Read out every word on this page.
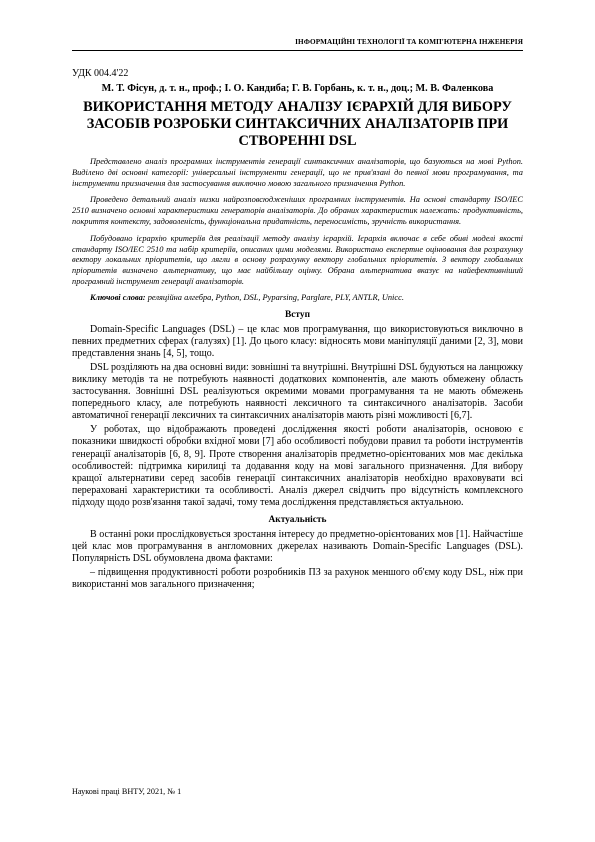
ІНФОРМАЦІЙНІ ТЕХНОЛОГІЇ ТА КОМП'ЮТЕРНА ІНЖЕНЕРІЯ
УДК 004.4'22
М. Т. Фісун, д. т. н., проф.; І. О. Кандиба; Г. В. Горбань, к. т. н., доц.; М. В. Фаленкова
ВИКОРИСТАННЯ МЕТОДУ АНАЛІЗУ ІЄРАРХІЙ ДЛЯ ВИБОРУ ЗАСОБІВ РОЗРОБКИ СИНТАКСИЧНИХ АНАЛІЗАТОРІВ ПРИ СТВОРЕННІ DSL

Представлено аналіз програмних інструментів генерації синтаксичних аналізаторів, що базуються на мові Python. Виділено дві основні категорії: універсальні інструменти генерації, що не прив'язані до певної мови програмування, та інструменти призначення для застосування виключно мовою загального призначення Python.

Проведено детальний аналіз низки найрозповсюдженіших програмних інструментів. На основі стандарту ISO/IEC 2510 визначено основні характеристики генераторів аналізаторів. До обраних характеристик належать: продуктивність, покриття контексту, задоволеність, функціональна придатність, переносимість, зручність використання.

Побудовано ієрархію критеріїв для реалізації методу аналізу ієрархій. Ієрархія включає в себе обиві моделі якості стандарту ISO/IEC 2510 та набір критеріїв, описаних цими моделями. Використано експертне оцінювання для розрахунку вектору локальних пріоритетів, що лягли в основу розрахунку вектору глобальних пріоритетів. З вектору глобальних пріоритетів визначено альтернативу, що має найбільшу оцінку. Обрана альтернатива вказує на найефективніший програмний інструмент генерації аналізаторів.

Ключові слова: реляційна алгебра, Python, DSL, Pyparsing, Parglare, PLY, ANTLR, Unicc.
Вступ

Domain-Specific Languages (DSL) – це клас мов програмування, що використовуються виключно в певних предметних сферах (галузях) [1]. До цього класу: відносять мови маніпуляції даними [2, 3], мови представлення знань [4, 5], тощо.

DSL розділяють на два основні види: зовнішні та внутрішні. Внутрішні DSL будуються на ланцюжку виклику методів та не потребують наявності додаткових компонентів, але мають обмежену область застосування. Зовнішні DSL реалізуються окремими мовами програмування та не мають обмежень попереднього класу, але потребують наявності лексичного та синтаксичного аналізаторів. Засоби автоматичної генерації лексичних та синтаксичних аналізаторів мають різні можливості [6,7].

У роботах, що відображають проведені дослідження якості роботи аналізаторів, основою є показники швидкості обробки вхідної мови [7] або особливості побудови правил та роботи інструментів генерації аналізаторів [6, 8, 9]. Проте створення аналізаторів предметно-орієнтованих мов має декілька особливостей: підтримка кирилиці та додавання коду на мові загального призначення. Для вибору кращої альтернативи серед засобів генерації синтаксичних аналізаторів необхідно враховувати всі перераховані характеристики та особливості. Аналіз джерел свідчить про відсутність комплексного підходу щодо розв'язання такої задачі, тому тема дослідження представляється актуальною.

Актуальність

В останні роки прослідковується зростання інтересу до предметно-орієнтованих мов [1]. Найчастіше цей клас мов програмування в англомовних джерелах називають Domain-Specific Languages (DSL). Популярність DSL обумовлена двома фактами:

– підвищення продуктивності роботи розробників ПЗ за рахунок меншого об'єму коду DSL, ніж при використанні мов загального призначення;

Наукові праці ВНТУ, 2021, № 1
